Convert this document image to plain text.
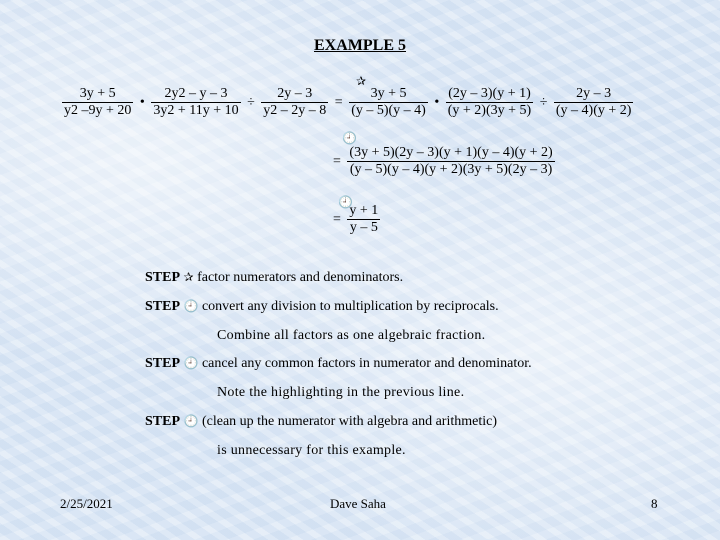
EXAMPLE 5
$\frac{3y + 5}{y2 -9y + 20}$ • $\frac{2y2 - y - 3}{3y2 + 11y + 10} \div \frac{2y - 3}{y2 - 2y - 8} = \frac{3y + 5}{(y - 5)(y - 4)}$ • $\frac{(2y - 3)(y + 1)}{(y + 2)(3y + 5)} \div \frac{2y - 3}{(y - 4)(y + 2)}$
✰
🕘
= $\frac{(3y + 5)(2y - 3)(y + 1)(y - 4)(y + 2)}{(y - 5)(y - 4)(y + 2)(3y + 5)(2y - 3)}$
🕘
= $\frac{y + 1}{y - 5}$
STEP ✰ factor numerators and denominators.
STEP 🕘 convert any division to multiplication by reciprocals.
Combine all factors as one algebraic fraction.
STEP 🕘 cancel any common factors in numerator and denominator.
Note the highlighting in the previous line.
STEP 🕘 (clean up the numerator with algebra and arithmetic)
is unnecessary for this example.
2/25/2021	Dave Saha	8
